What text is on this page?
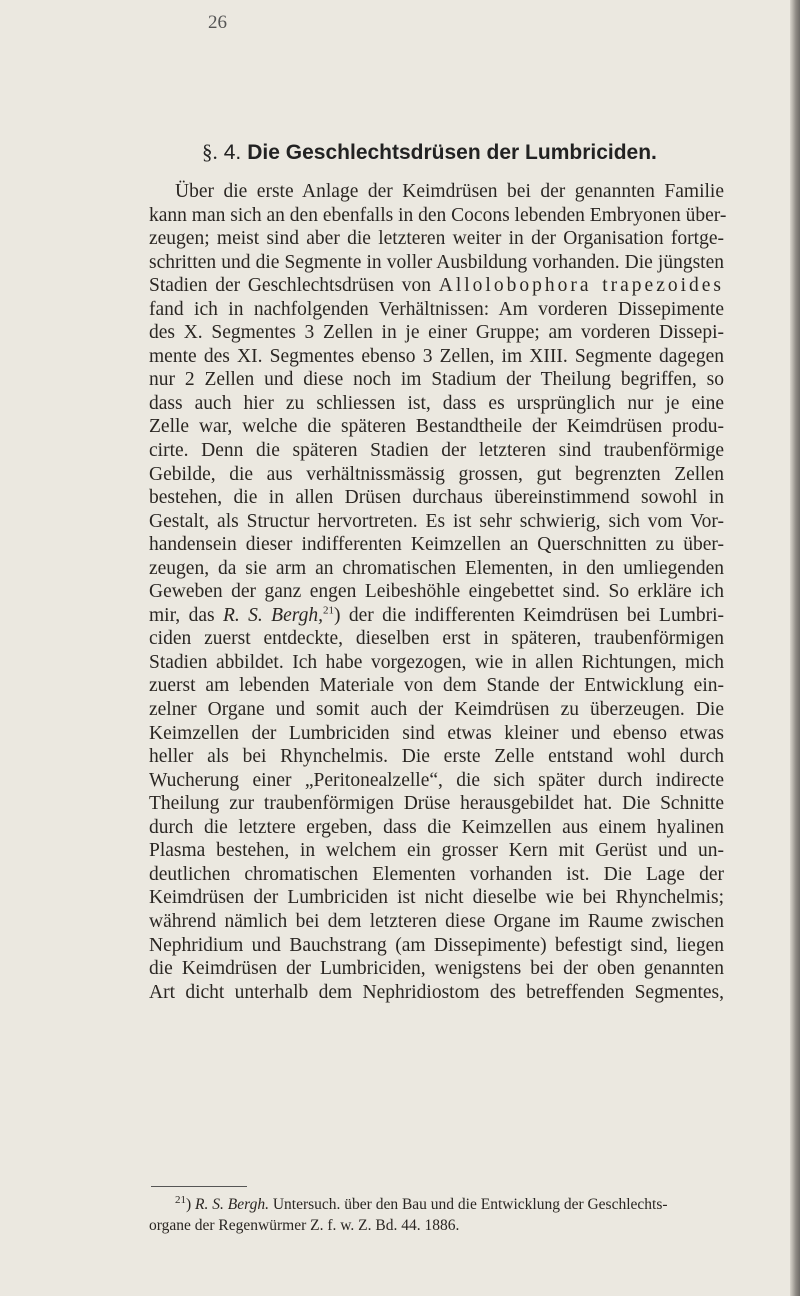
26
§. 4. Die Geschlechtsdrüsen der Lumbriciden.
Über die erste Anlage der Keimdrüsen bei der genannten Familie
kann man sich an den ebenfalls in den Cocons lebenden Embryonen über-
zeugen; meist sind aber die letzteren weiter in der Organisation fortge-
schritten und die Segmente in voller Ausbildung vorhanden. Die jüngsten
Stadien der Geschlechtsdrüsen von Allolobophora trapezoides
fand ich in nachfolgenden Verhältnissen: Am vorderen Dissepimente
des X. Segmentes 3 Zellen in je einer Gruppe; am vorderen Dissepi-
mente des XI. Segmentes ebenso 3 Zellen, im XIII. Segmente dagegen
nur 2 Zellen und diese noch im Stadium der Theilung begriffen, so
dass auch hier zu schliessen ist, dass es ursprünglich nur je eine
Zelle war, welche die späteren Bestandtheile der Keimdrüsen produ-
cirte. Denn die späteren Stadien der letzteren sind traubenförmige
Gebilde, die aus verhältnissmässig grossen, gut begrenzten Zellen
bestehen, die in allen Drüsen durchaus übereinstimmend sowohl in
Gestalt, als Structur hervortreten. Es ist sehr schwierig, sich vom Vor-
handensein dieser indifferenten Keimzellen an Querschnitten zu über-
zeugen, da sie arm an chromatischen Elementen, in den umliegenden
Geweben der ganz engen Leibeshöhle eingebettet sind. So erkläre ich
mir, das R. S. Bergh,$^{21}$) der die indifferenten Keimdrüsen bei Lumbri-
ciden zuerst entdeckte, dieselben erst in späteren, traubenförmigen
Stadien abbildet. Ich habe vorgezogen, wie in allen Richtungen, mich
zuerst am lebenden Materiale von dem Stande der Entwicklung ein-
zelner Organe und somit auch der Keimdrüsen zu überzeugen. Die
Keimzellen der Lumbriciden sind etwas kleiner und ebenso etwas
heller als bei Rhynchelmis. Die erste Zelle entstand wohl durch
Wucherung einer „Peritonealzelle“, die sich später durch indirecte
Theilung zur traubenförmigen Drüse herausgebildet hat. Die Schnitte
durch die letztere ergeben, dass die Keimzellen aus einem hyalinen
Plasma bestehen, in welchem ein grosser Kern mit Gerüst und un-
deutlichen chromatischen Elementen vorhanden ist. Die Lage der
Keimdrüsen der Lumbriciden ist nicht dieselbe wie bei Rhynchelmis;
während nämlich bei dem letzteren diese Organe im Raume zwischen
Nephridium und Bauchstrang (am Dissepimente) befestigt sind, liegen
die Keimdrüsen der Lumbriciden, wenigstens bei der oben genannten
Art dicht unterhalb dem Nephridiostom des betreffenden Segmentes,
$^{21}$) R. S. Bergh. Untersuch. über den Bau und die Entwicklung der Geschlechts-
organe der Regenwürmer Z. f. w. Z. Bd. 44. 1886.
